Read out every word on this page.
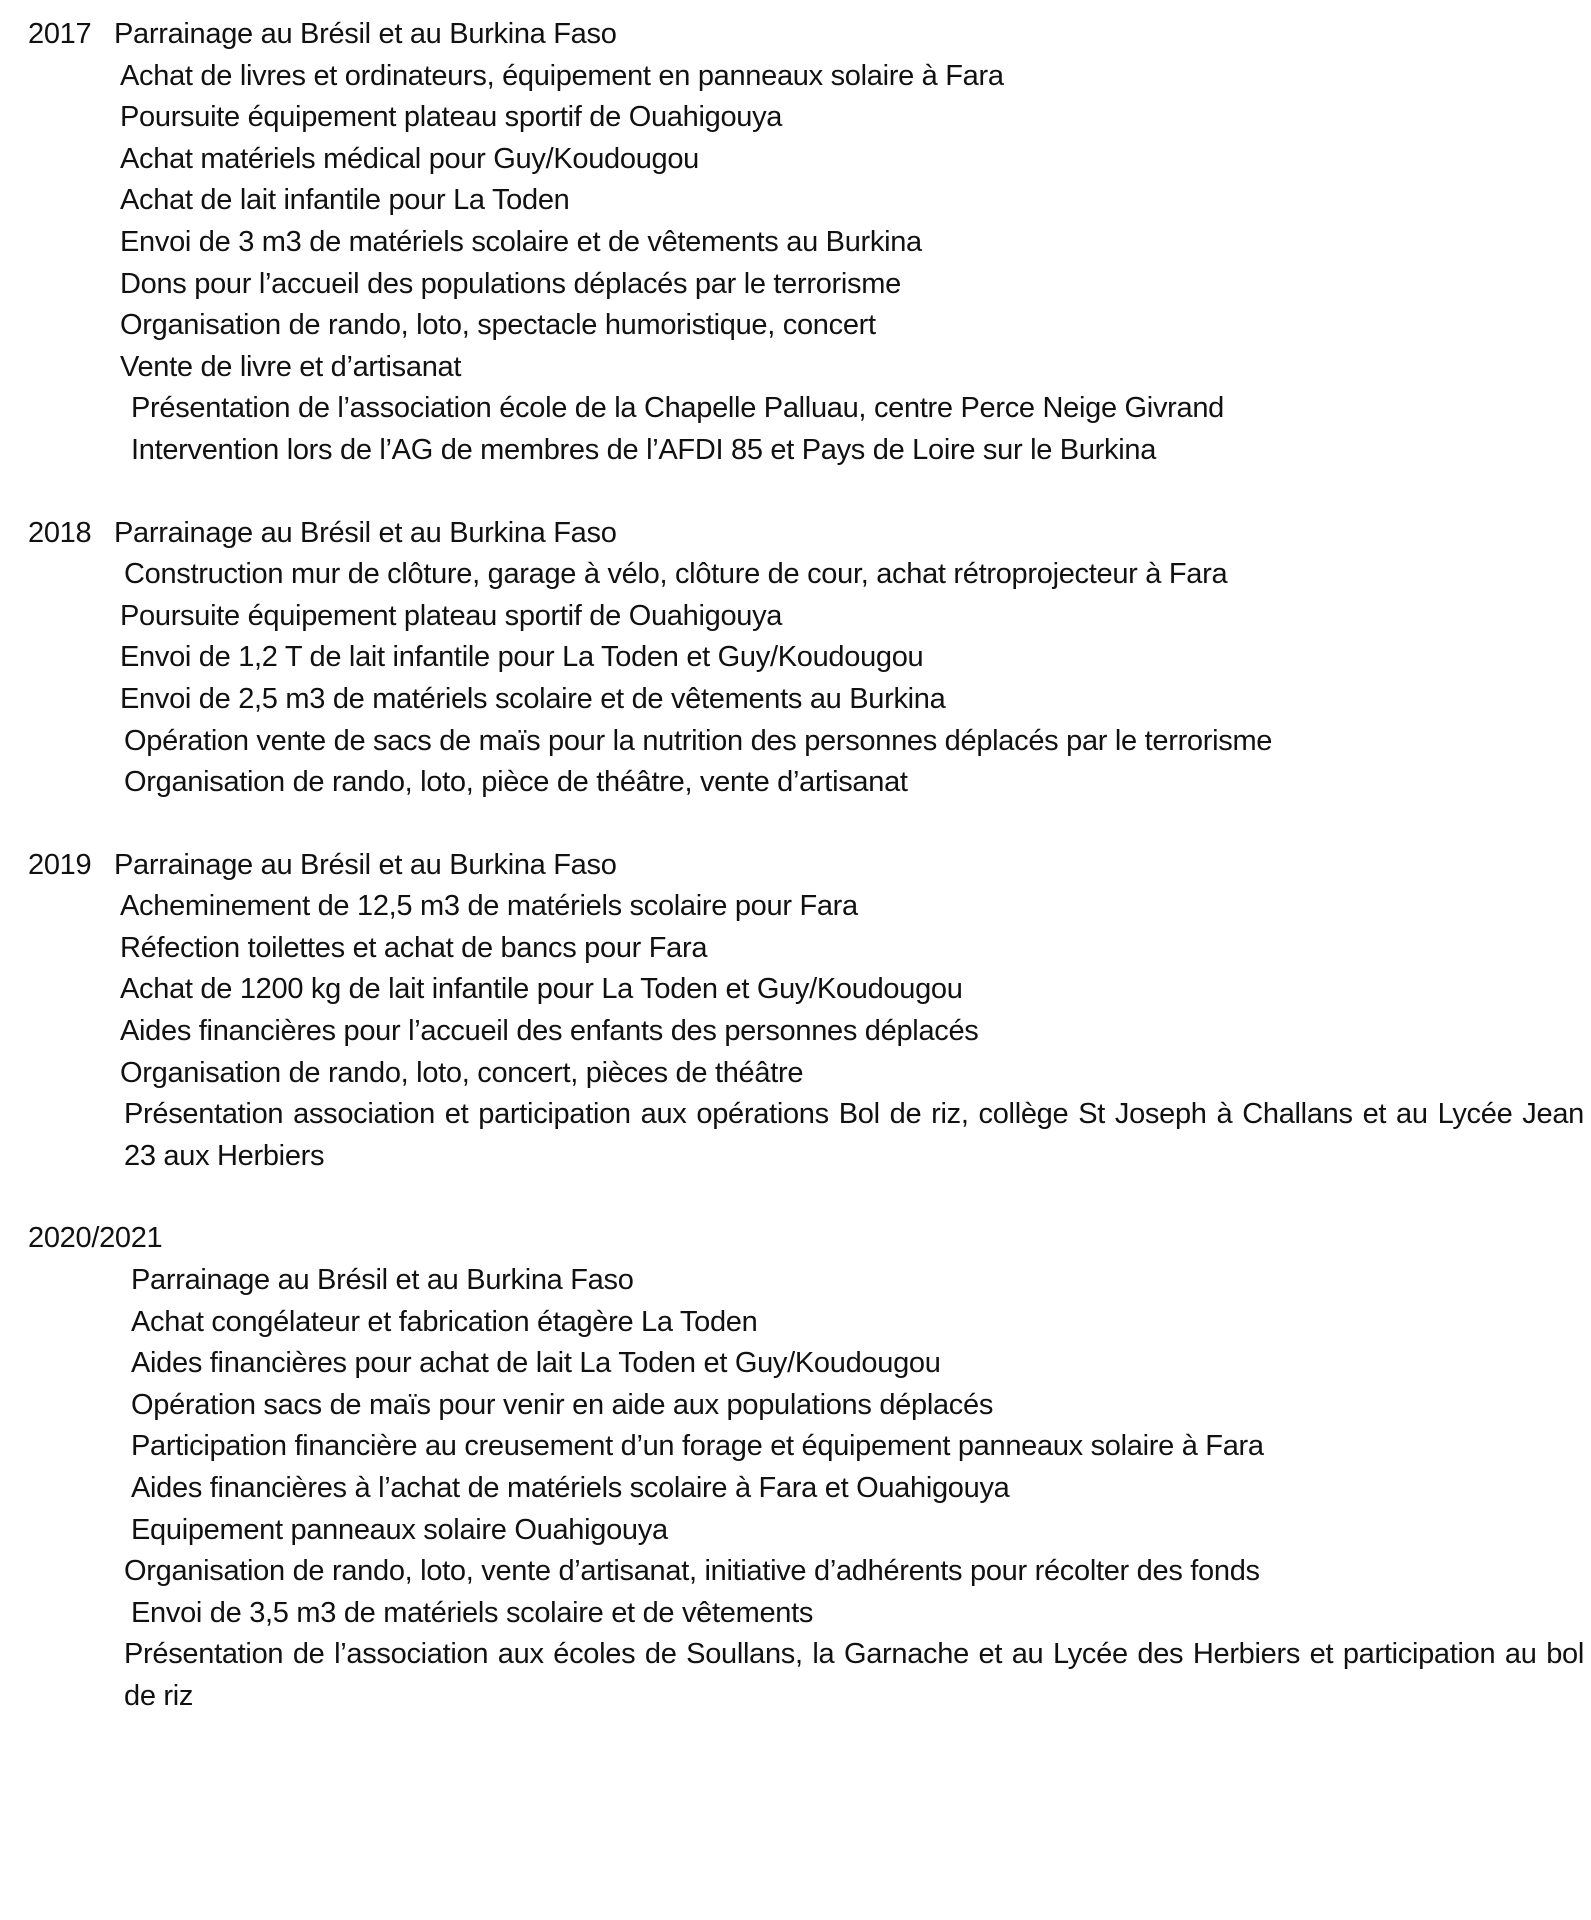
2017 Parrainage au Brésil et au Burkina Faso
Achat de livres et ordinateurs, équipement en panneaux solaire à Fara
Poursuite équipement plateau sportif de Ouahigouya
Achat matériels médical pour Guy/Koudougou
Achat de lait infantile pour La Toden
Envoi de 3 m3 de matériels scolaire et de vêtements au Burkina
Dons pour l’accueil des populations déplacés par le terrorisme
Organisation de rando, loto, spectacle humoristique, concert
Vente de livre et d’artisanat
Présentation de l’association école de la Chapelle Palluau, centre Perce Neige Givrand
Intervention lors de l’AG de membres de l’AFDI 85 et Pays de Loire sur le Burkina
2018 Parrainage au Brésil et au Burkina Faso
Construction mur de clôture, garage à vélo, clôture de cour, achat rétroprojecteur à Fara
Poursuite équipement plateau sportif de Ouahigouya
Envoi de 1,2 T de lait infantile pour La Toden et Guy/Koudougou
Envoi de 2,5 m3 de matériels scolaire et de vêtements au Burkina
Opération vente de sacs de maïs pour la nutrition des personnes déplacés par le terrorisme
Organisation de rando, loto, pièce de théâtre, vente d’artisanat
2019 Parrainage au Brésil et au Burkina Faso
Acheminement de 12,5 m3 de matériels scolaire pour Fara
Réfection toilettes et achat de bancs pour Fara
Achat de 1200 kg de lait infantile pour La Toden et Guy/Koudougou
Aides financières pour l’accueil des enfants des personnes déplacés
Organisation de rando, loto, concert, pièces de théâtre
Présentation association et participation aux opérations Bol de riz, collège St Joseph à Challans et au Lycée Jean 23 aux Herbiers
2020/2021
Parrainage au Brésil et au Burkina Faso
Achat congélateur et fabrication étagère La Toden
Aides financières pour achat de lait La Toden et Guy/Koudougou
Opération sacs de maïs pour venir en aide aux populations déplacés
Participation financière au creusement d’un forage et équipement panneaux solaire à Fara
Aides financières à l’achat de matériels scolaire à Fara et Ouahigouya
Equipement panneaux solaire Ouahigouya
Organisation de rando, loto, vente d’artisanat, initiative d’adhérents pour récolter des fonds
Envoi de 3,5 m3 de matériels scolaire et de vêtements
Présentation de l’association aux écoles de Soullans, la Garnache et au Lycée des Herbiers et participation au bol de riz
